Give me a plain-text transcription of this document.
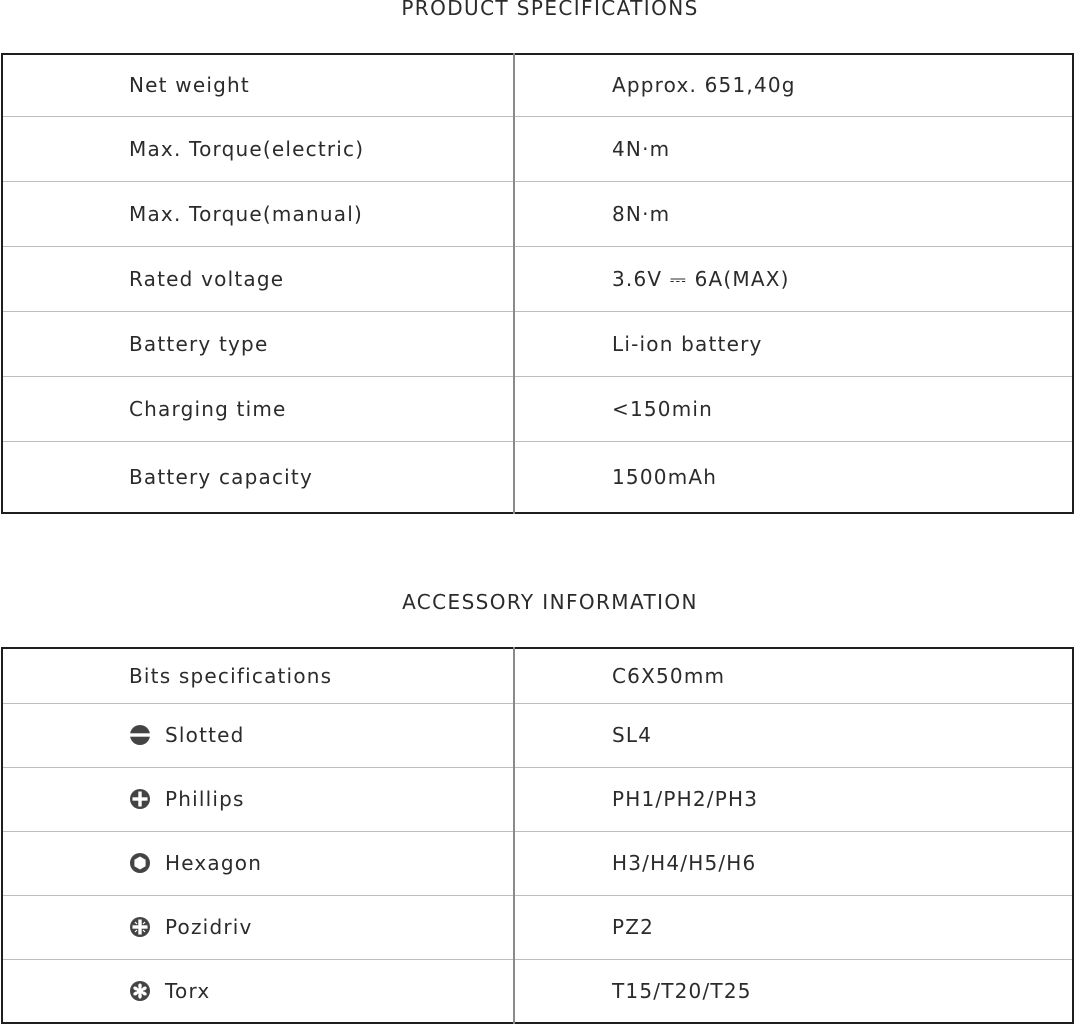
PRODUCT SPECIFICATIONS
Net weight	Approx. 651,40g
Max. Torque(electric)	4N·m
Max. Torque(manual)	8N·m
Rated voltage	3.6V ⎓ 6A(MAX)
Battery type	Li-ion battery
Charging time	<150min
Battery capacity	1500mAh
ACCESSORY INFORMATION
Bits specifications	C6X50mm

Slotted	SL4

Phillips	PH1/PH2/PH3

Hexagon	H3/H4/H5/H6

Pozidriv	PZ2

Torx	T15/T20/T25
